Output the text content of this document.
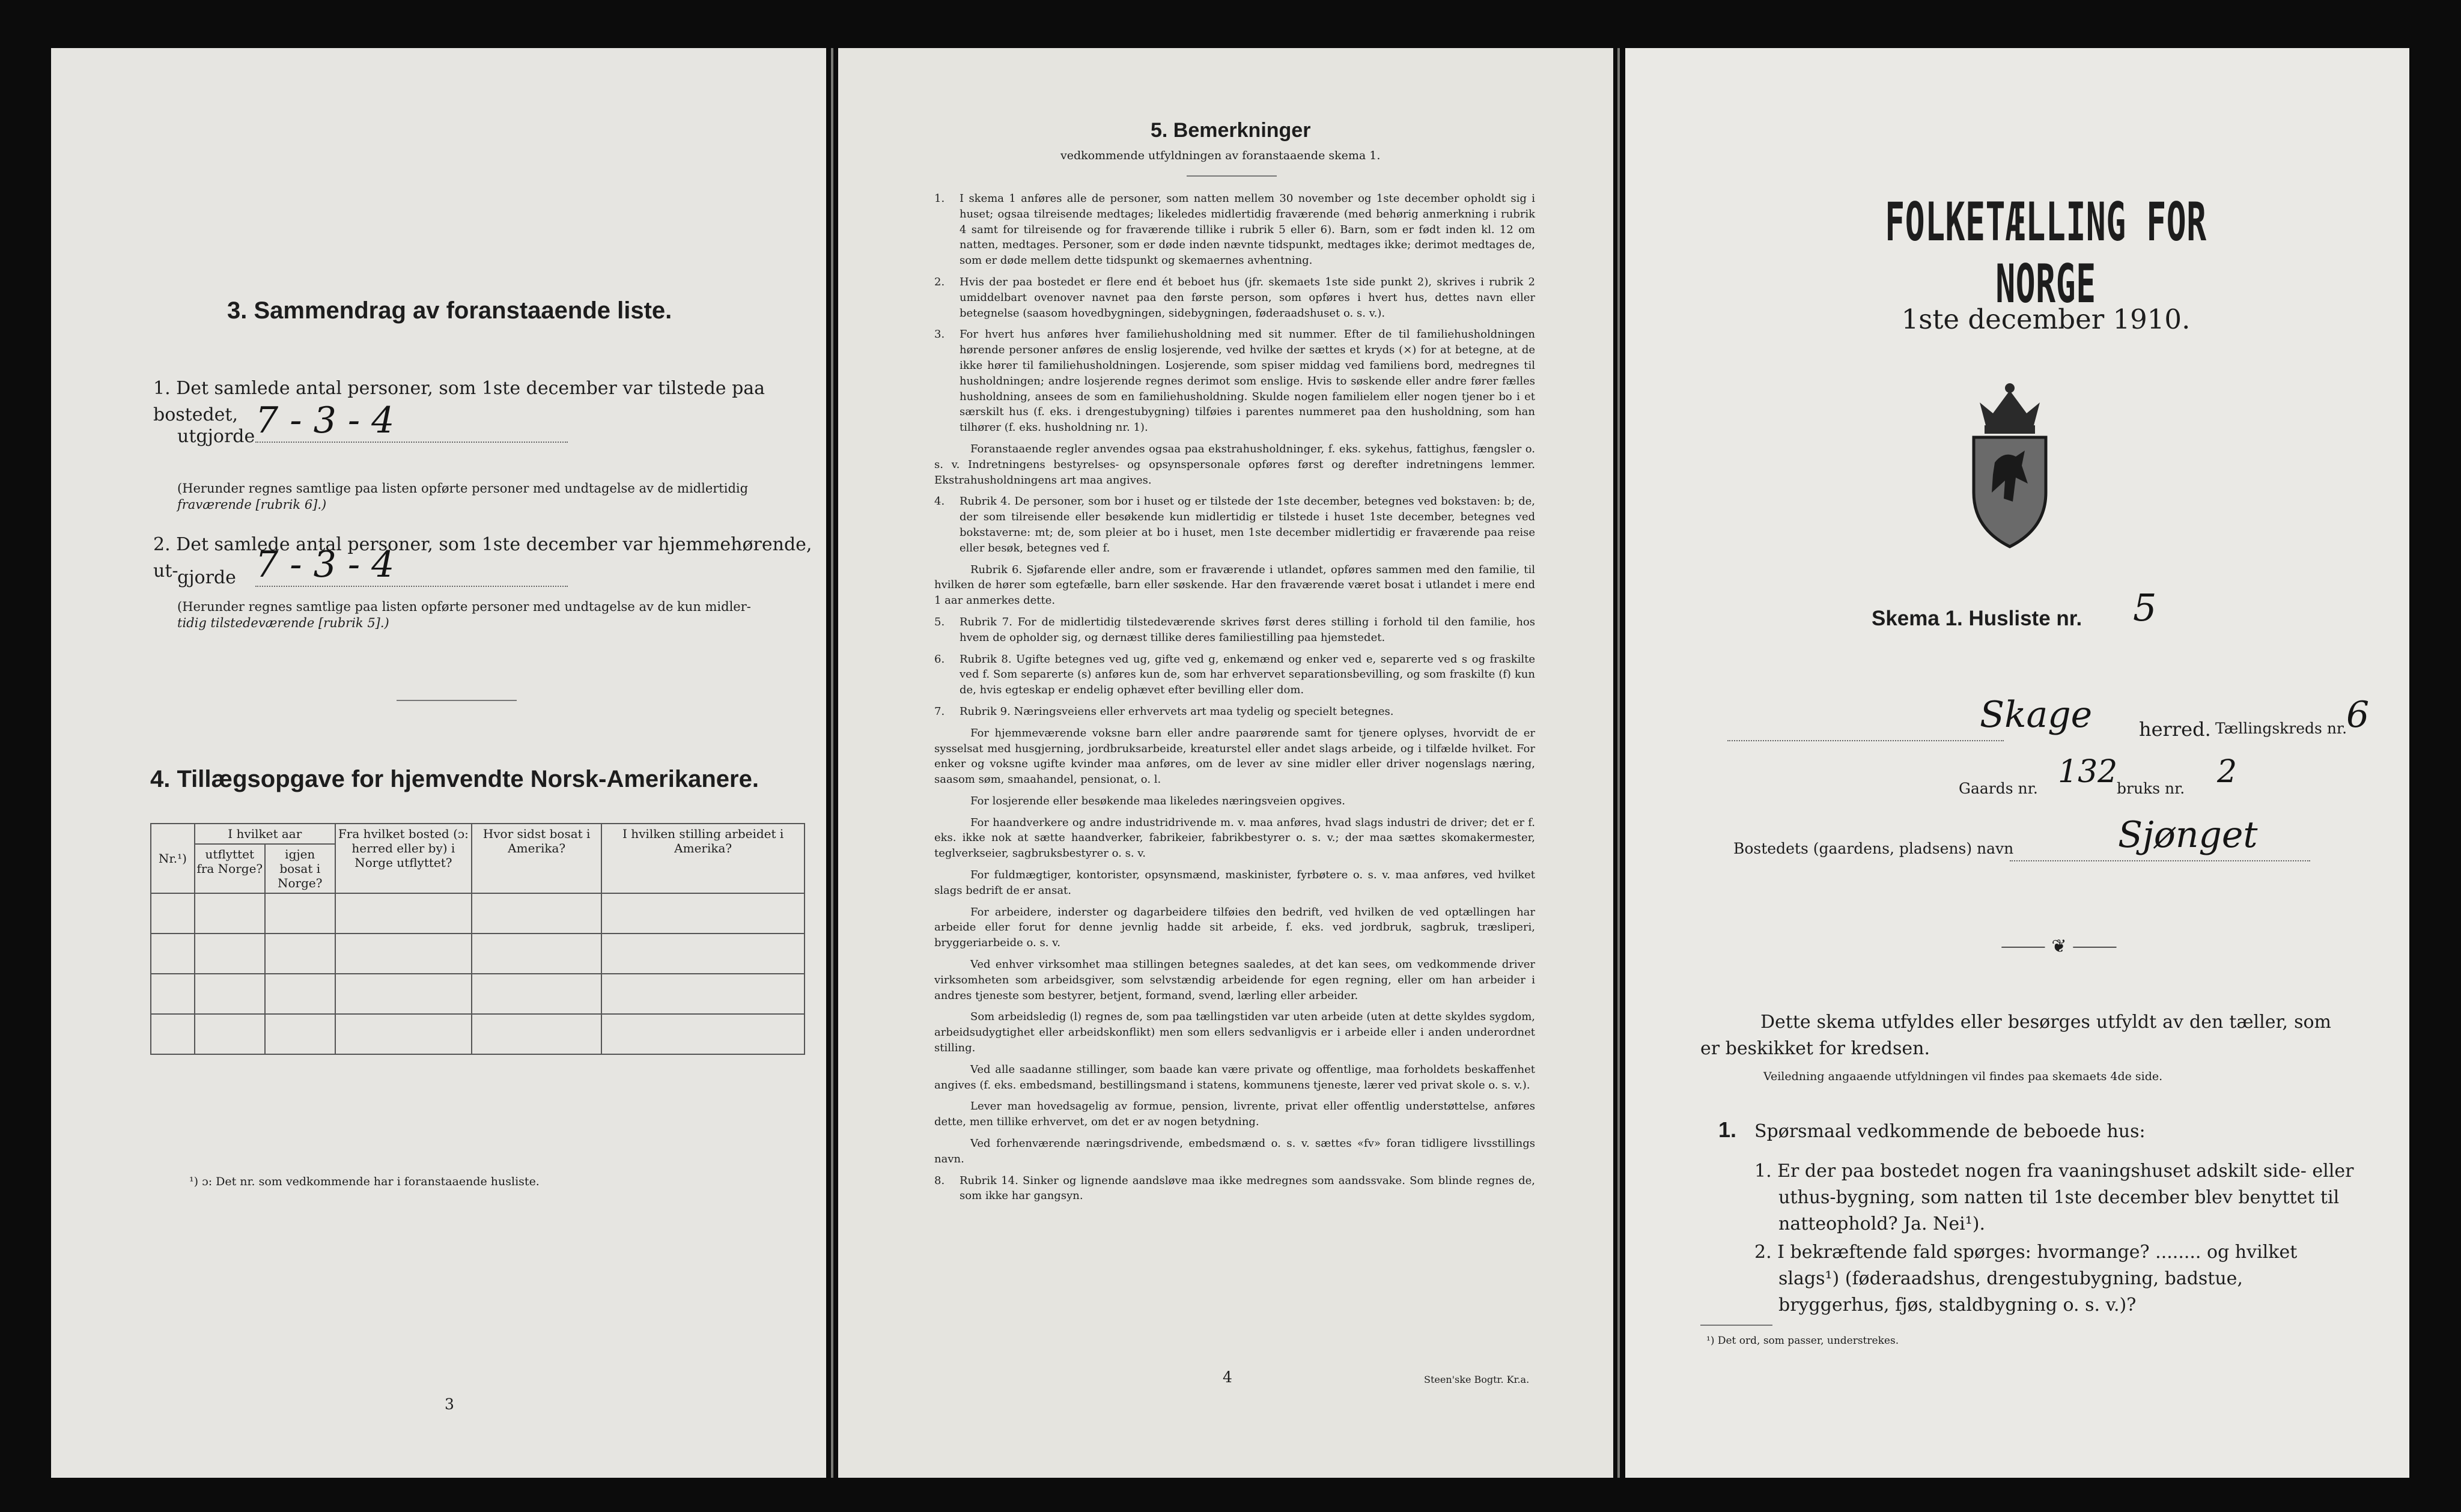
3. Sammendrag av foranstaaende liste.
1. Det samlede antal personer, som 1ste december var tilstede paa bostedet,
utgjorde 7 - 3 - 4
(Herunder regnes samtlige paa listen opførte personer med undtagelse av de midlertidig
fraværende [rubrik 6].)
2. Det samlede antal personer, som 1ste december var hjemmehørende, ut-
gjorde 7 - 3 - 4
(Herunder regnes samtlige paa listen opførte personer med undtagelse av de kun midler-
tidig tilstedeværende [rubrik 5].)
4. Tillægsopgave for hjemvendte Norsk-Amerikanere.
Nr.¹)	I hvilket aar		Fra hvilket bosted (ɔ: herred eller by) i Norge utflyttet?	Hvor sidst bosat i Amerika?	I hvilken stilling arbeidet i Amerika?
	utflyttet fra Norge?	igjen bosat i Norge?			

¹) ɔ: Det nr. som vedkommende har i foranstaaende husliste.
3
5. Bemerkninger
vedkommende utfyldningen av foranstaaende skema 1.
1.	I skema 1 anføres alle de personer, som natten mellem 30 november og 1ste december opholdt sig i huset; ogsaa tilreisende medtages; likeledes midlertidig fraværende (med behørig anmerkning i rubrik 4 samt for tilreisende og for fraværende tillike i rubrik 5 eller 6). Barn, som er født inden kl. 12 om natten, medtages. Personer, som er døde inden nævnte tidspunkt, medtages ikke; derimot medtages de, som er døde mellem dette tidspunkt og skemaernes avhentning.
2.	Hvis der paa bostedet er flere end ét beboet hus (jfr. skemaets 1ste side punkt 2), skrives i rubrik 2 umiddelbart ovenover navnet paa den første person, som opføres i hvert hus, dettes navn eller betegnelse (saasom hovedbygningen, sidebygningen, føderaadshuset o. s. v.).
3.	For hvert hus anføres hver familiehusholdning med sit nummer. Efter de til familiehusholdningen hørende personer anføres de enslig losjerende, ved hvilke der sættes et kryds (×) for at betegne, at de ikke hører til familiehusholdningen. Losjerende, som spiser middag ved familiens bord, medregnes til husholdningen; andre losjerende regnes derimot som enslige. Hvis to søskende eller andre fører fælles husholdning, ansees de som en familiehusholdning. Skulde nogen familielem eller nogen tjener bo i et særskilt hus (f. eks. i drengestubygning) tilføies i parentes nummeret paa den husholdning, som han tilhører (f. eks. husholdning nr. 1).
Foranstaaende regler anvendes ogsaa paa ekstrahusholdninger, f. eks. sykehus, fattighus, fængsler o. s. v. Indretningens bestyrelses- og opsynspersonale opføres først og derefter indretningens lemmer. Ekstrahusholdningens art maa angives.
4.	Rubrik 4. De personer, som bor i huset og er tilstede der 1ste december, betegnes ved bokstaven: b; de, der som tilreisende eller besøkende kun midlertidig er tilstede i huset 1ste december, betegnes ved bokstaverne: mt; de, som pleier at bo i huset, men 1ste december midlertidig er fraværende paa reise eller besøk, betegnes ved f.
Rubrik 6. Sjøfarende eller andre, som er fraværende i utlandet, opføres sammen med den familie, til hvilken de hører som egtefælle, barn eller søskende. Har den fraværende været bosat i utlandet i mere end 1 aar anmerkes dette.
5.	Rubrik 7. For de midlertidig tilstedeværende skrives først deres stilling i forhold til den familie, hos hvem de opholder sig, og dernæst tillike deres familiestilling paa hjemstedet.
6.	Rubrik 8. Ugifte betegnes ved ug, gifte ved g, enkemænd og enker ved e, separerte ved s og fraskilte ved f. Som separerte (s) anføres kun de, som har erhvervet separationsbevilling, og som fraskilte (f) kun de, hvis egteskap er endelig ophævet efter bevilling eller dom.
7.	Rubrik 9. Næringsveiens eller erhvervets art maa tydelig og specielt betegnes.
For hjemmeværende voksne barn eller andre paarørende samt for tjenere oplyses, hvorvidt de er sysselsat med husgjerning, jordbruksarbeide, kreaturstel eller andet slags arbeide, og i tilfælde hvilket. For enker og voksne ugifte kvinder maa anføres, om de lever av sine midler eller driver nogenslags næring, saasom søm, smaahandel, pensionat, o. l.
For losjerende eller besøkende maa likeledes næringsveien opgives.
For haandverkere og andre industridrivende m. v. maa anføres, hvad slags industri de driver; det er f. eks. ikke nok at sætte haandverker, fabrikeier, fabrikbestyrer o. s. v.; der maa sættes skomakermester, teglverkseier, sagbruksbestyrer o. s. v.
For fuldmægtiger, kontorister, opsynsmænd, maskinister, fyrbøtere o. s. v. maa anføres, ved hvilket slags bedrift de er ansat.
For arbeidere, inderster og dagarbeidere tilføies den bedrift, ved hvilken de ved optællingen har arbeide eller forut for denne jevnlig hadde sit arbeide, f. eks. ved jordbruk, sagbruk, træsliperi, bryggeriarbeide o. s. v.
Ved enhver virksomhet maa stillingen betegnes saaledes, at det kan sees, om vedkommende driver virksomheten som arbeidsgiver, som selvstændig arbeidende for egen regning, eller om han arbeider i andres tjeneste som bestyrer, betjent, formand, svend, lærling eller arbeider.
Som arbeidsledig (l) regnes de, som paa tællingstiden var uten arbeide (uten at dette skyldes sygdom, arbeidsudygtighet eller arbeidskonflikt) men som ellers sedvanligvis er i arbeide eller i anden underordnet stilling.
Ved alle saadanne stillinger, som baade kan være private og offentlige, maa forholdets beskaffenhet angives (f. eks. embedsmand, bestillingsmand i statens, kommunens tjeneste, lærer ved privat skole o. s. v.).
Lever man hovedsagelig av formue, pension, livrente, privat eller offentlig understøttelse, anføres dette, men tillike erhvervet, om det er av nogen betydning.
Ved forhenværende næringsdrivende, embedsmænd o. s. v. sættes «fv» foran tidligere livsstillings navn.
8.	Rubrik 14. Sinker og lignende aandsløve maa ikke medregnes som aandssvake. Som blinde regnes de, som ikke har gangsyn.
4	Steen'ske Bogtr. Kr.a.
FOLKETÆLLING FOR NORGE
1ste december 1910.
Skema 1. Husliste nr. 5
Skage herred. Tællingskreds nr.
6
Gaards nr. 132
bruks nr. 2
Bostedets (gaardens, pladsens) navn	Sjønget
⸻ ❦ ⸻
Dette skema utfyldes eller besørges utfyldt av den tæller, som er beskikket for kredsen.
Veiledning angaaende utfyldningen vil findes paa skemaets 4de side.
1. Spørsmaal vedkommende de beboede hus:
1. Er der paa bostedet nogen fra vaaningshuset adskilt side- eller uthus-bygning, som natten til 1ste december blev benyttet til natteophold? Ja. Nei¹).
2. I bekræftende fald spørges: hvormange? ........ og hvilket slags¹) (føderaadshus, drengestubygning, badstue, bryggerhus, fjøs, staldbygning o. s. v.)?
¹) Det ord, som passer, understrekes.
